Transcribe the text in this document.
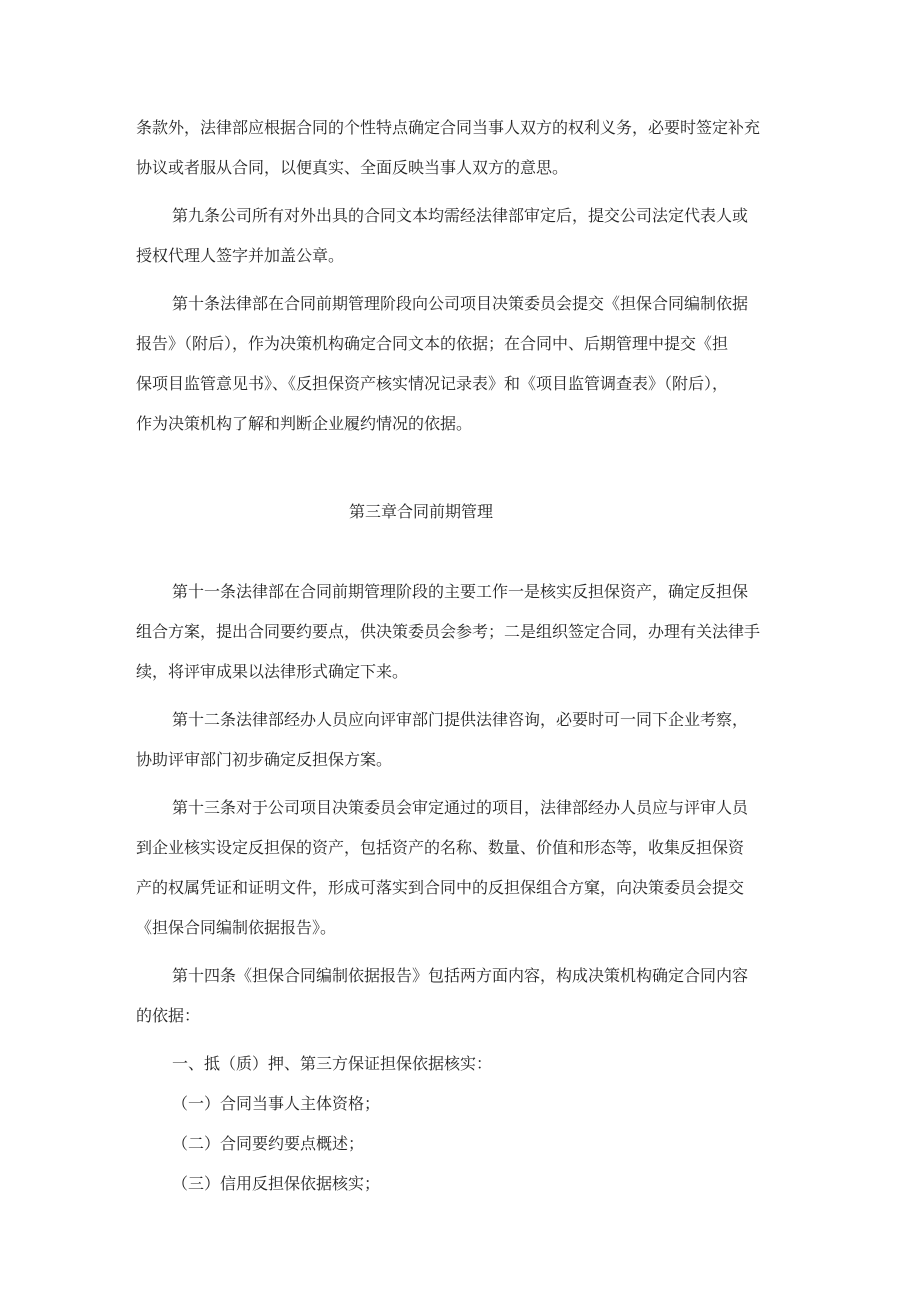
条款外，法律部应根据合同的个性特点确定合同当事人双方的权利义务，必要时签定补充
协议或者服从合同，以便真实、全面反映当事人双方的意思。
第九条公司所有对外出具的合同文本均需经法律部审定后，提交公司法定代表人或
授权代理人签字并加盖公章。
第十条法律部在合同前期管理阶段向公司项目决策委员会提交《担保合同编制依据
报告》（附后），作为决策机构确定合同文本的依据；在合同中、后期管理中提交《担
保项目监管意见书》、《反担保资产核实情况记录表》和《项目监管调查表》（附后），
作为决策机构了解和判断企业履约情况的依据。
第三章合同前期管理
第十一条法律部在合同前期管理阶段的主要工作一是核实反担保资产，确定反担保
组合方案，提出合同要约要点，供决策委员会参考；二是组织签定合同，办理有关法律手
续，将评审成果以法律形式确定下来。
第十二条法律部经办人员应向评审部门提供法律咨询，必要时可一同下企业考察，
协助评审部门初步确定反担保方案。
第十三条对于公司项目决策委员会审定通过的项目，法律部经办人员应与评审人员
到企业核实设定反担保的资产，包括资产的名称、数量、价值和形态等，收集反担保资
产的权属凭证和证明文件，形成可落实到合同中的反担保组合方窠，向决策委员会提交
《担保合同编制依据报告》。
第十四条《担保合同编制依据报告》包括两方面内容，构成决策机构确定合同内容
的依据：
一、抵（质）押、第三方保证担保依据核实：
（一）合同当事人主体资格；
（二）合同要约要点概述；
（三）信用反担保依据核实；
